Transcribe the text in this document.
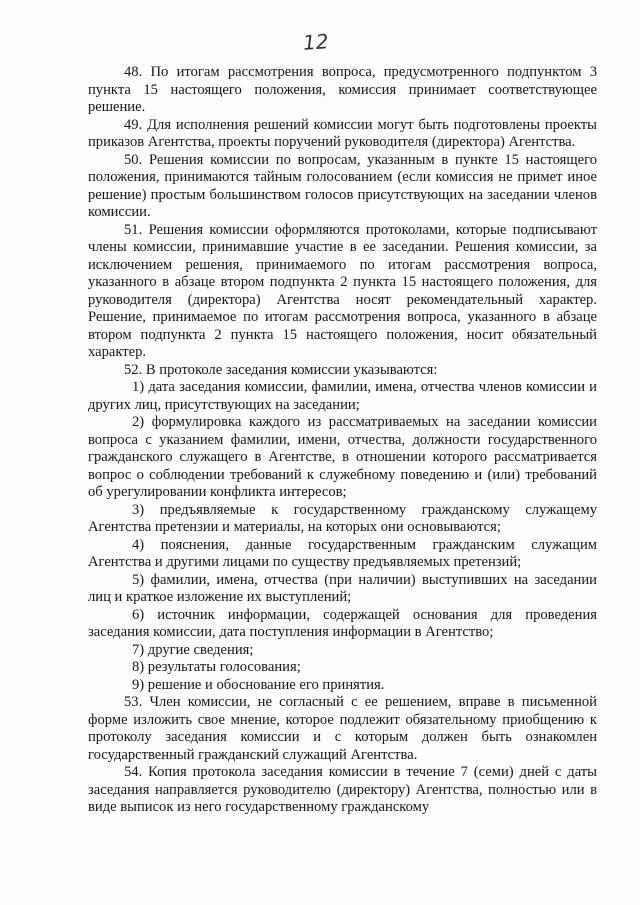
12

48. По итогам рассмотрения вопроса, предусмотренного подпунктом 3 пункта 15 настоящего положения, комиссия принимает соответствующее решение.

49. Для исполнения решений комиссии могут быть подготовлены проекты приказов Агентства, проекты поручений руководителя (директора) Агентства.

50. Решения комиссии по вопросам, указанным в пункте 15 настоящего положения, принимаются тайным голосованием (если комиссия не примет иное решение) простым большинством голосов присутствующих на заседании членов комиссии.

51. Решения комиссии оформляются протоколами, которые подписывают члены комиссии, принимавшие участие в ее заседании. Решения комиссии, за исключением решения, принимаемого по итогам рассмотрения вопроса, указанного в абзаце втором подпункта 2 пункта 15 настоящего положения, для руководителя (директора) Агентства носят рекомендательный характер. Решение, принимаемое по итогам рассмотрения вопроса, указанного в абзаце втором подпункта 2 пункта 15 настоящего положения, носит обязательный характер.

52. В протоколе заседания комиссии указываются:

1) дата заседания комиссии, фамилии, имена, отчества членов комиссии и других лиц, присутствующих на заседании;

2) формулировка каждого из рассматриваемых на заседании комиссии вопроса с указанием фамилии, имени, отчества, должности государственного гражданского служащего в Агентстве, в отношении которого рассматривается вопрос о соблюдении требований к служебному поведению и (или) требований об урегулировании конфликта интересов;

3) предъявляемые к государственному гражданскому служащему Агентства претензии и материалы, на которых они основываются;

4) пояснения, данные государственным гражданским служащим Агентства и другими лицами по существу предъявляемых претензий;

5) фамилии, имена, отчества (при наличии) выступивших на заседании лиц и краткое изложение их выступлений;

6) источник информации, содержащей основания для проведения заседания комиссии, дата поступления информации в Агентство;

7) другие сведения;

8) результаты голосования;

9) решение и обоснование его принятия.

53. Член комиссии, не согласный с ее решением, вправе в письменной форме изложить свое мнение, которое подлежит обязательному приобщению к протоколу заседания комиссии и с которым должен быть ознакомлен государственный гражданский служащий Агентства.

54. Копия протокола заседания комиссии в течение 7 (семи) дней с даты заседания направляется руководителю (директору) Агентства, полностью или в виде выписок из него государственному гражданскому
